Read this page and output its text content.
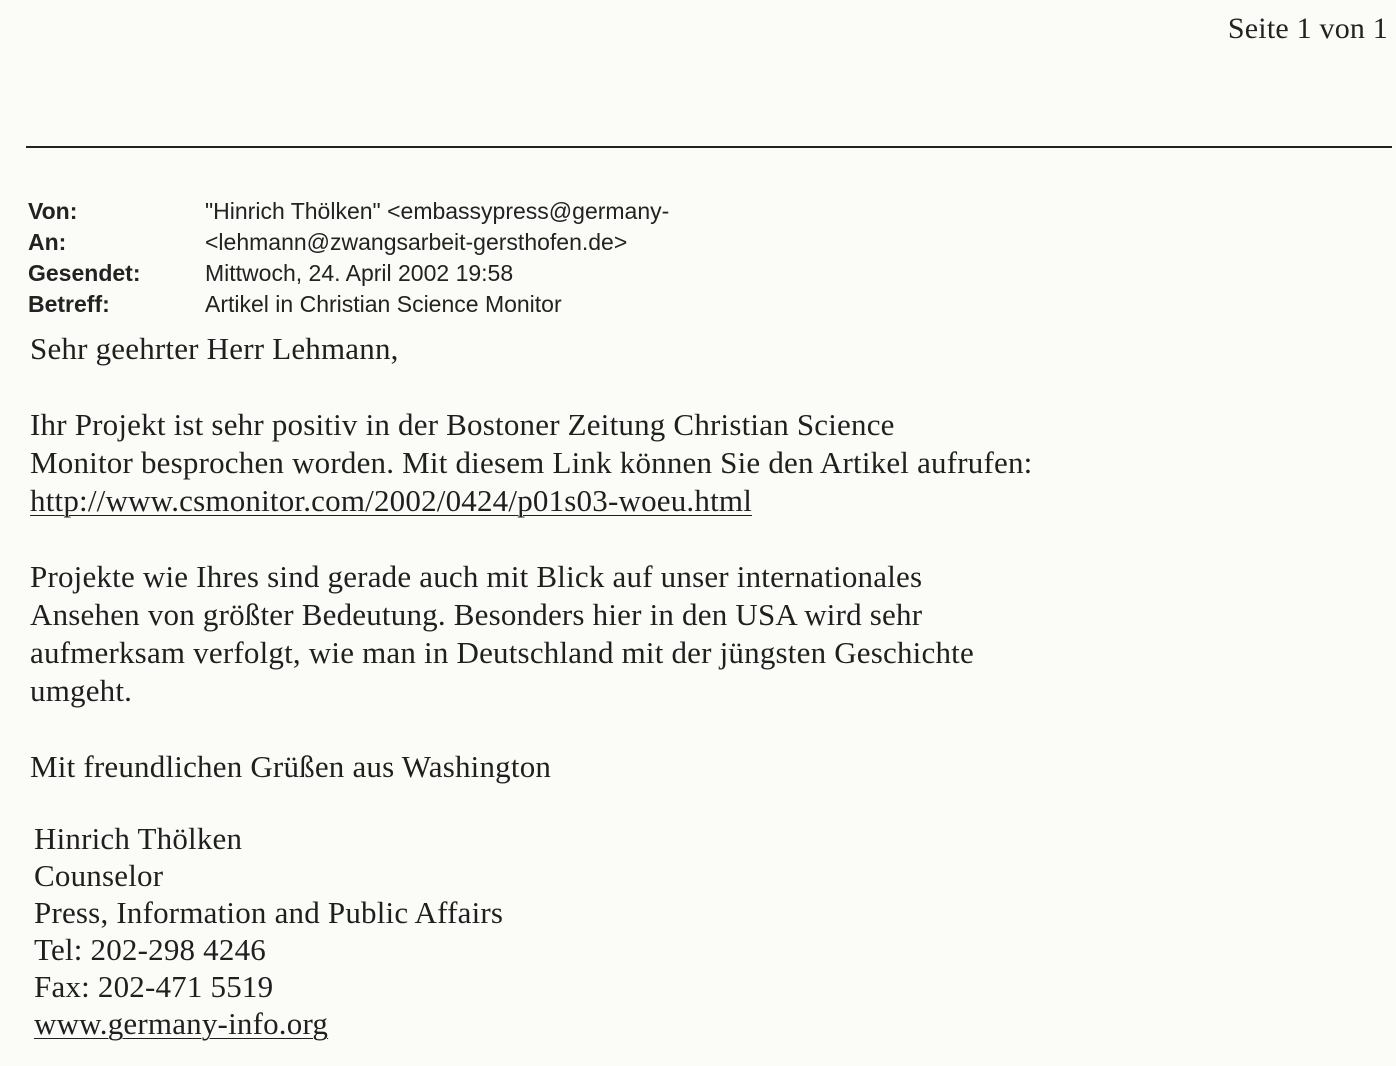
Seite 1 von 1
Von:	"Hinrich Thölken" <embassypress@germany-
An:	<lehmann@zwangsarbeit-gersthofen.de>
Gesendet:	Mittwoch, 24. April 2002 19:58
Betreff:	Artikel in Christian Science Monitor

Sehr geehrter Herr Lehmann,

Ihr Projekt ist sehr positiv in der Bostoner Zeitung Christian Science

Monitor besprochen worden. Mit diesem Link können Sie den Artikel aufrufen:

http://www.csmonitor.com/2002/0424/p01s03-woeu.html

Projekte wie Ihres sind gerade auch mit Blick auf unser internationales

Ansehen von größter Bedeutung. Besonders hier in den USA wird sehr

aufmerksam verfolgt, wie man in Deutschland mit der jüngsten Geschichte

umgeht.

Mit freundlichen Grüßen aus Washington

Hinrich Thölken
Counselor
Press, Information and Public Affairs
Tel: 202-298 4246
Fax: 202-471 5519
www.germany-info.org
